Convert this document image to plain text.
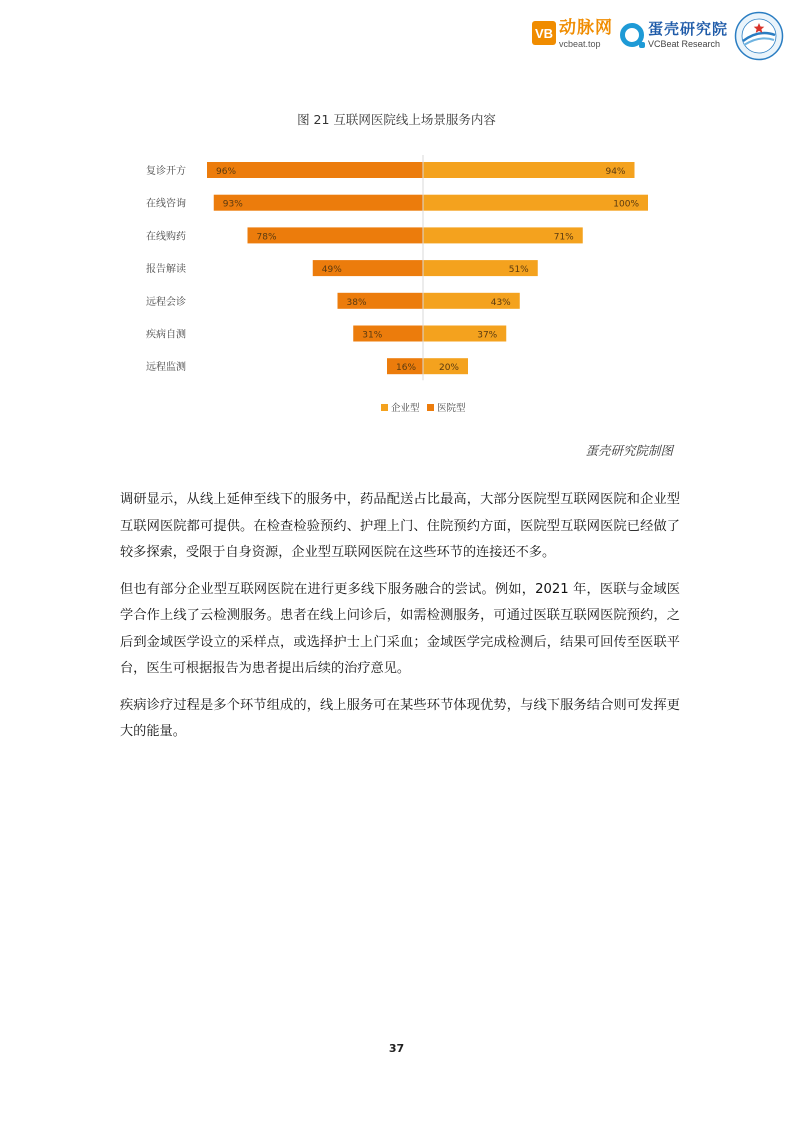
VB 动脉网
vcbeat.top
蛋壳研究院
VCBeat Research
图 21 互联网医院线上场景服务内容
复诊开方
在线咨询
在线购药
报告解读
远程会诊
疾病自测
远程监测
96%	94%
93%	100%
78%	71%
49%	51%
38%	43%
31%	37%
16%	20%
企业型 医院型
蛋壳研究院制图

调研显示，从线上延伸至线下的服务中，药品配送占比最高，大部分医院型互联网医院和企业型互联网医院都可提供。在检查检验预约、护理上门、住院预约方面，医院型互联网医院已经做了较多探索，受限于自身资源，企业型互联网医院在这些环节的连接还不多。

但也有部分企业型互联网医院在进行更多线下服务融合的尝试。例如，2021 年，医联与金域医学合作上线了云检测服务。患者在线上问诊后，如需检测服务，可通过医联互联网医院预约，之后到金域医学设立的采样点，或选择护士上门采血；金域医学完成检测后，结果可回传至医联平台，医生可根据报告为患者提出后续的治疗意见。

疾病诊疗过程是多个环节组成的，线上服务可在某些环节体现优势，与线下服务结合则可发挥更大的能量。

37
